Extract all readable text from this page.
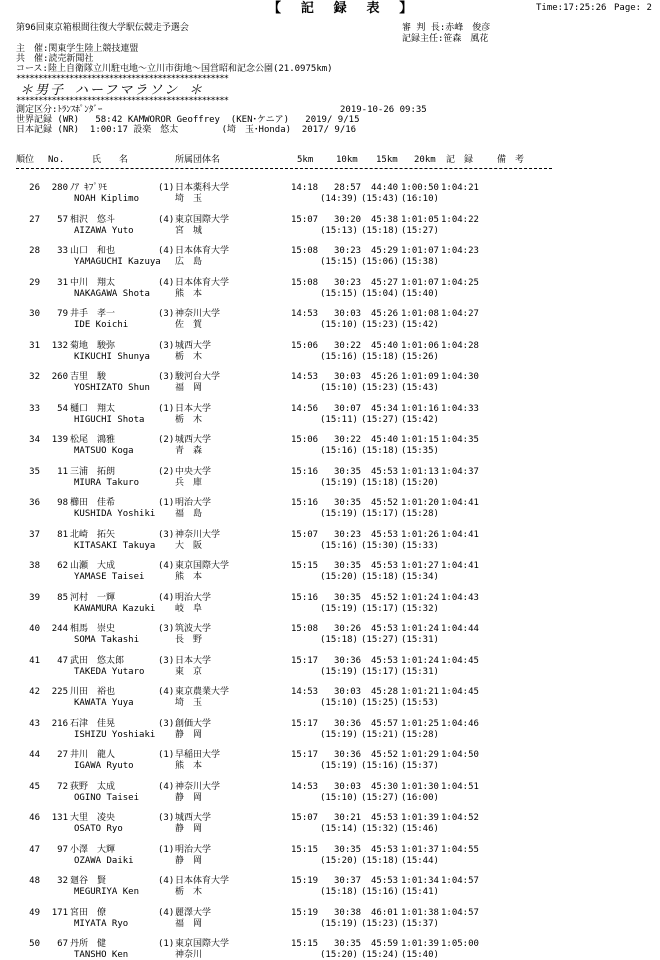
【 記 録 表 】	Time:17:25:26 Page: 2
第96回東京箱根間往復大学駅伝競走予選会	審 判 長:赤峰　俊彦
記録主任:笹森　風花
主　催:関東学生陸上競技連盟
共　催:読売新聞社
コース:陸上自衛隊立川駐屯地～立川市街地～国営昭和記念公園(21.0975km)
************************************************
＊男子 ハーフマラソン ＊
************************************************
測定区分:ﾄﾗﾝｽﾎﾟﾝﾀﾞｰ	2019-10-26 09:35
世界記録 (WR)   58:42 KAMWOROR Geoffrey  (KEN･ケニア)   2019/ 9/15
日本記録 (NR)  1:00:17 設楽　悠太        (埼　玉･Honda)  2017/ 9/16
順位 No.	氏　　名	所属団体名	5km	10km 15km 20km 記　録	備　考
26	280 ﾉｱ ｷﾌﾟﾘﾓ	(1) 日本薬科大学	14:18 28:57 44:40 1:00:50 1:04:21
NOAH Kiplimo	埼　玉	(14:39) (15:43) (16:10)
27	57 相沢　悠斗	(4) 東京国際大学	15:07 30:20 45:38 1:01:05 1:04:22
AIZAWA Yuto	宮　城	(15:13) (15:18) (15:27)
28	33 山口　和也	(4) 日本体育大学	15:08 30:23 45:29 1:01:07 1:04:23
YAMAGUCHI Kazuya 広　島	(15:15) (15:06) (15:38)
29	31 中川　翔太	(4) 日本体育大学	15:08 30:23 45:27 1:01:07 1:04:25
NAKAGAWA Shota	熊　本	(15:15) (15:04) (15:40)
30	79 井手　孝一	(3) 神奈川大学	14:53 30:03 45:26 1:01:08 1:04:27
IDE Koichi	佐　賀	(15:10) (15:23) (15:42)
31	132 菊地　駿弥	(3) 城西大学	15:06 30:22 45:40 1:01:06 1:04:28
KIKUCHI Shunya	栃　木	(15:16) (15:18) (15:26)
32	260 吉里　駿	(3) 駿河台大学	14:53 30:03 45:26 1:01:09 1:04:30
YOSHIZATO Shun	福　岡	(15:10) (15:23) (15:43)
33	54 樋口　翔太	(1) 日本大学	14:56 30:07 45:34 1:01:16 1:04:33
HIGUCHI Shota	栃　木	(15:11) (15:27) (15:42)
34	139 松尾　鴻雅	(2) 城西大学	15:06 30:22 45:40 1:01:15 1:04:35
MATSUO Koga	青　森	(15:16) (15:18) (15:35)
35	11 三浦　拓朗	(2) 中央大学	15:16 30:35 45:53 1:01:13 1:04:37
MIURA Takuro	兵　庫	(15:19) (15:18) (15:20)
36	98 櫛田　佳希	(1) 明治大学	15:16 30:35 45:52 1:01:20 1:04:41
KUSHIDA Yoshiki 福　島	(15:19) (15:17) (15:28)
37	81 北崎　拓矢	(3) 神奈川大学	15:07 30:23 45:53 1:01:26 1:04:41
KITASAKI Takuya 大　阪	(15:16) (15:30) (15:33)
38	62 山瀬　大成	(4) 東京国際大学	15:15 30:35 45:53 1:01:27 1:04:41
YAMASE Taisei	熊　本	(15:20) (15:18) (15:34)
39	85 河村　一輝	(4) 明治大学	15:16 30:35 45:52 1:01:24 1:04:43
KAWAMURA Kazuki 岐　阜	(15:19) (15:17) (15:32)
40	244 相馬　崇史	(3) 筑波大学	15:08 30:26 45:53 1:01:24 1:04:44
SOMA Takashi	長　野	(15:18) (15:27) (15:31)
41	47 武田　悠太郎	(3) 日本大学	15:17 30:36 45:53 1:01:24 1:04:45
TAKEDA Yutaro	東　京	(15:19) (15:17) (15:31)
42	225 川田　裕也	(4) 東京農業大学	14:53 30:03 45:28 1:01:21 1:04:45
KAWATA Yuya	埼　玉	(15:10) (15:25) (15:53)
43	216 石津　佳晃	(3) 創価大学	15:17 30:36 45:57 1:01:25 1:04:46
ISHIZU Yoshiaki 静　岡	(15:19) (15:21) (15:28)
44	27 井川　龍人	(1) 早稲田大学	15:17 30:36 45:52 1:01:29 1:04:50
IGAWA Ryuto	熊　本	(15:19) (15:16) (15:37)
45	72 荻野　太成	(4) 神奈川大学	14:53 30:03 45:30 1:01:30 1:04:51
OGINO Taisei	静　岡	(15:10) (15:27) (16:00)
46	131 大里　凌央	(3) 城西大学	15:07 30:21 45:53 1:01:39 1:04:52
OSATO Ryo	静　岡	(15:14) (15:32) (15:46)
47	97 小澤　大輝	(1) 明治大学	15:15 30:35 45:53 1:01:37 1:04:55
OZAWA Daiki	静　岡	(15:20) (15:18) (15:44)
48	32 廻谷　賢	(4) 日本体育大学	15:19 30:37 45:53 1:01:34 1:04:57
MEGURIYA Ken	栃　木	(15:18) (15:16) (15:41)
49	171 宮田　僚	(4) 麗澤大学	15:19 30:38 46:01 1:01:38 1:04:57
MIYATA Ryo	福　岡	(15:19) (15:23) (15:37)
50	67 丹所　健	(1) 東京国際大学	15:15 30:35 45:59 1:01:39 1:05:00
TANSHO Ken	神奈川	(15:20) (15:24) (15:40)
